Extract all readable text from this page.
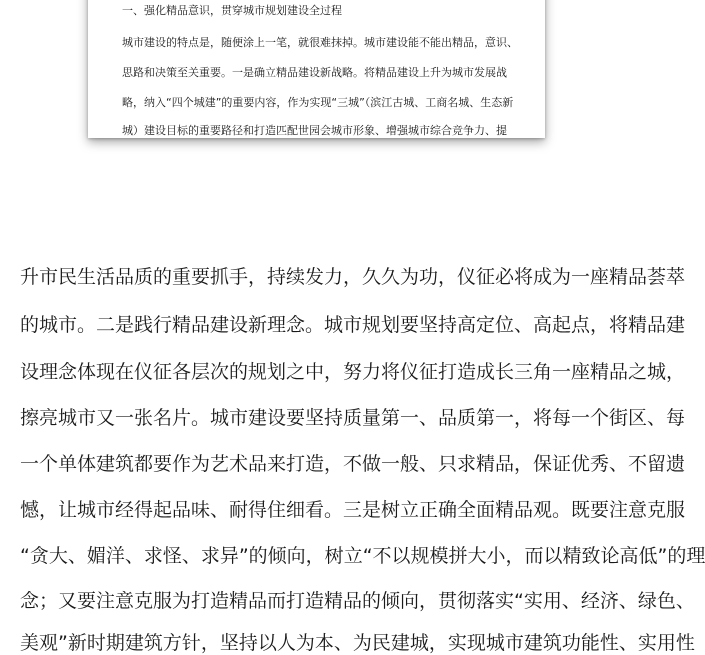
一、强化精品意识，贯穿城市规划建设全过程
城市建设的特点是，随便涂上一笔，就很难抹掉。城市建设能不能出精品，意识、
思路和决策至关重要。一是确立精品建设新战略。将精品建设上升为城市发展战
略，纳入“四个城建”的重要内容，作为实现“三城”（滨江古城、工商名城、生态新
城）建设目标的重要路径和打造匹配世园会城市形象、增强城市综合竞争力、提
升市民生活品质的重要抓手，持续发力，久久为功，仪征必将成为一座精品荟萃
的城市。二是践行精品建设新理念。城市规划要坚持高定位、高起点，将精品建
设理念体现在仪征各层次的规划之中，努力将仪征打造成长三角一座精品之城，
擦亮城市又一张名片。城市建设要坚持质量第一、品质第一，将每一个街区、每
一个单体建筑都要作为艺术品来打造，不做一般、只求精品，保证优秀、不留遗
憾，让城市经得起品味、耐得住细看。三是树立正确全面精品观。既要注意克服
“贪大、媚洋、求怪、求异”的倾向，树立“不以规模拼大小，而以精致论高低”的理
念；又要注意克服为打造精品而打造精品的倾向，贯彻落实“实用、经济、绿色、
美观”新时期建筑方针，坚持以人为本、为民建城，实现城市建筑功能性、实用性
